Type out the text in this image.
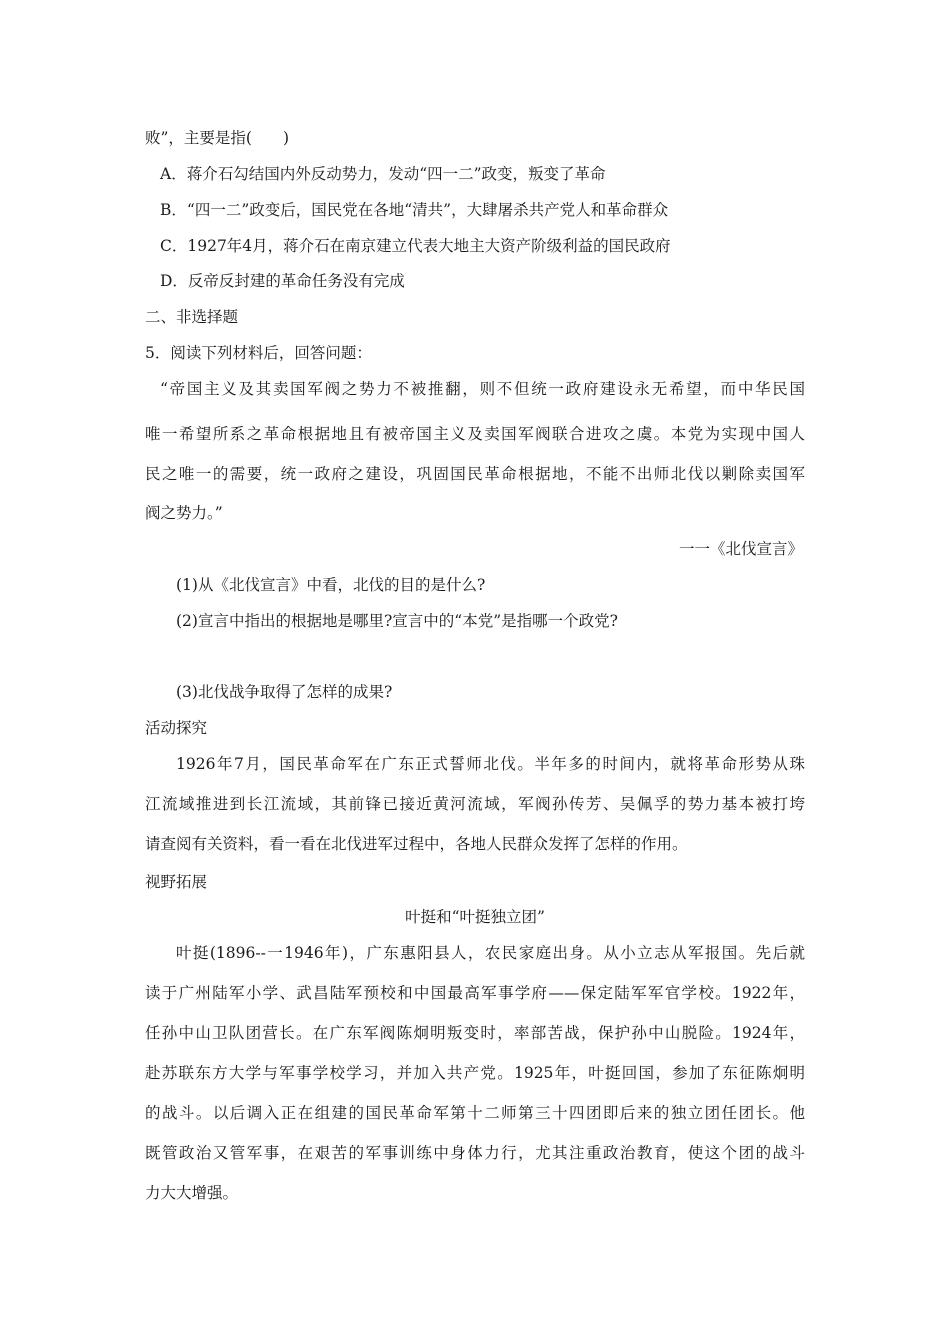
败”，主要是指(　　)
A．蒋介石勾结国内外反动势力，发动“四一二”政变，叛变了革命
B．“四一二”政变后，国民党在各地“清共”，大肆屠杀共产党人和革命群众
C．1927年4月，蒋介石在南京建立代表大地主大资产阶级利益的国民政府
D．反帝反封建的革命任务没有完成
二、非选择题
5．阅读下列材料后，回答问题：
“帝国主义及其卖国军阀之势力不被推翻，则不但统一政府建设永无希望，而中华民国
唯一希望所系之革命根据地且有被帝国主义及卖国军阀联合进攻之虞。本党为实现中国人
民之唯一的需要，统一政府之建设，巩固国民革命根据地，不能不出师北伐以剿除卖国军
阀之势力。”
一一《北伐宣言》
(1)从《北伐宣言》中看，北伐的目的是什么?
(2)宣言中指出的根据地是哪里?宣言中的“本党”是指哪一个政党?
(3)北伐战争取得了怎样的成果?
活动探究
1926年7月，国民革命军在广东正式誓师北伐。半年多的时间内，就将革命形势从珠
江流域推进到长江流域，其前锋已接近黄河流域，军阀孙传芳、吴佩孚的势力基本被打垮
请查阅有关资料，看一看在北伐进军过程中，各地人民群众发挥了怎样的作用。
视野拓展
叶挺和“叶挺独立团”
叶挺(1896--一1946年)，广东惠阳县人，农民家庭出身。从小立志从军报国。先后就
读于广州陆军小学、武昌陆军预校和中国最高军事学府——保定陆军军官学校。1922年，
任孙中山卫队团营长。在广东军阀陈炯明叛变时，率部苦战，保护孙中山脱险。1924年，
赴苏联东方大学与军事学校学习，并加入共产党。1925年，叶挺回国，参加了东征陈炯明
的战斗。以后调入正在组建的国民革命军第十二师第三十四团即后来的独立团任团长。他
既管政治又管军事，在艰苦的军事训练中身体力行，尤其注重政治教育，使这个团的战斗
力大大增强。
